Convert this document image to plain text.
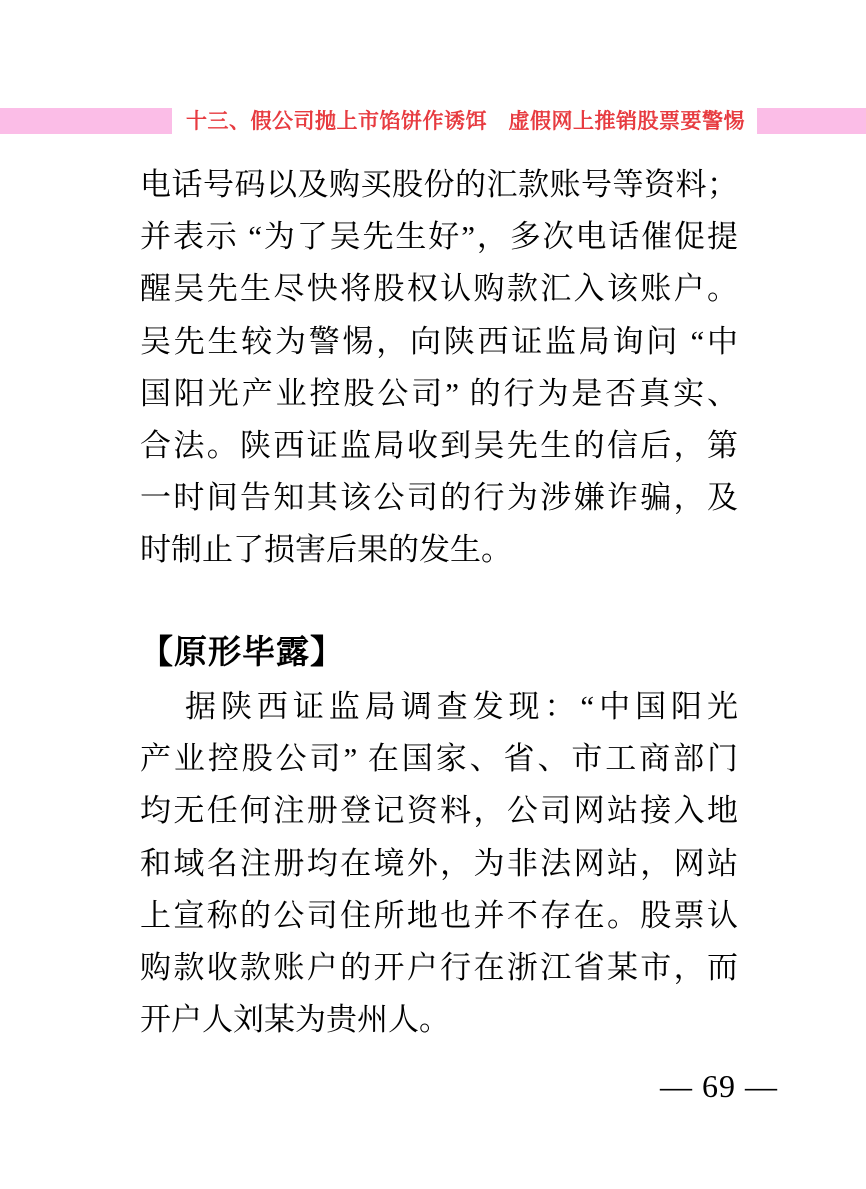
十三、假公司抛上市馅饼作诱饵　虚假网上推销股票要警惕
电话号码以及购买股份的汇款账号等资料；
并表示 “为了吴先生好”，多次电话催促提
醒吴先生尽快将股权认购款汇入该账户。
吴先生较为警惕，向陕西证监局询问 “中
国阳光产业控股公司” 的行为是否真实、
合法。陕西证监局收到吴先生的信后，第
一时间告知其该公司的行为涉嫌诈骗，及
时制止了损害后果的发生。
【原形毕露】
据陕西证监局调查发现：“中国阳光
产业控股公司” 在国家、省、市工商部门
均无任何注册登记资料，公司网站接入地
和域名注册均在境外，为非法网站，网站
上宣称的公司住所地也并不存在。股票认
购款收款账户的开户行在浙江省某市，而
开户人刘某为贵州人。
— 69 —
